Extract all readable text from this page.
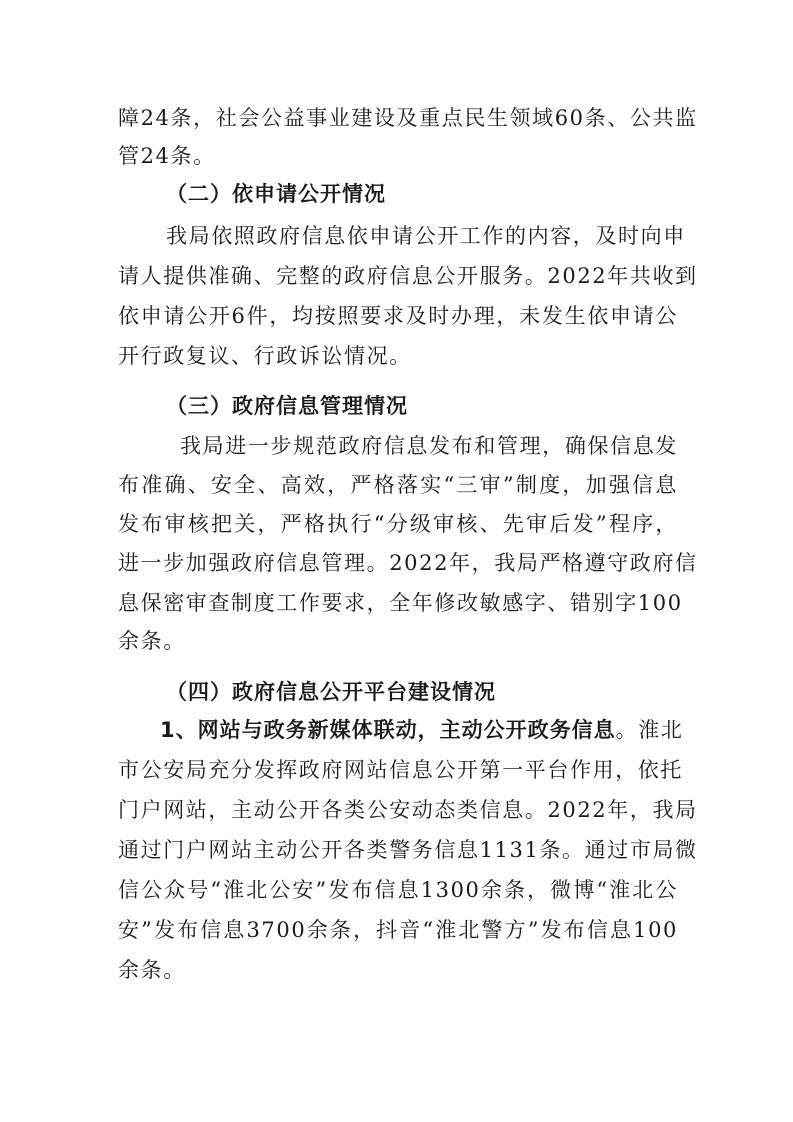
障24条，社会公益事业建设及重点民生领域60条、公共监
管24条。
（二）依申请公开情况
我局依照政府信息依申请公开工作的内容，及时向申
请人提供准确、完整的政府信息公开服务。2022年共收到
依申请公开6件，均按照要求及时办理，未发生依申请公
开行政复议、行政诉讼情况。
（三）政府信息管理情况
我局进一步规范政府信息发布和管理，确保信息发
布准确、安全、高效，严格落实“三审”制度，加强信息
发布审核把关，严格执行“分级审核、先审后发”程序，
进一步加强政府信息管理。2022年，我局严格遵守政府信
息保密审查制度工作要求，全年修改敏感字、错别字100
余条。
（四）政府信息公开平台建设情况
1、网站与政务新媒体联动，主动公开政务信息。淮北
市公安局充分发挥政府网站信息公开第一平台作用，依托
门户网站，主动公开各类公安动态类信息。2022年，我局
通过门户网站主动公开各类警务信息1131条。通过市局微
信公众号“淮北公安”发布信息1300余条，微博“淮北公
安”发布信息3700余条，抖音“淮北警方”发布信息100
余条。
